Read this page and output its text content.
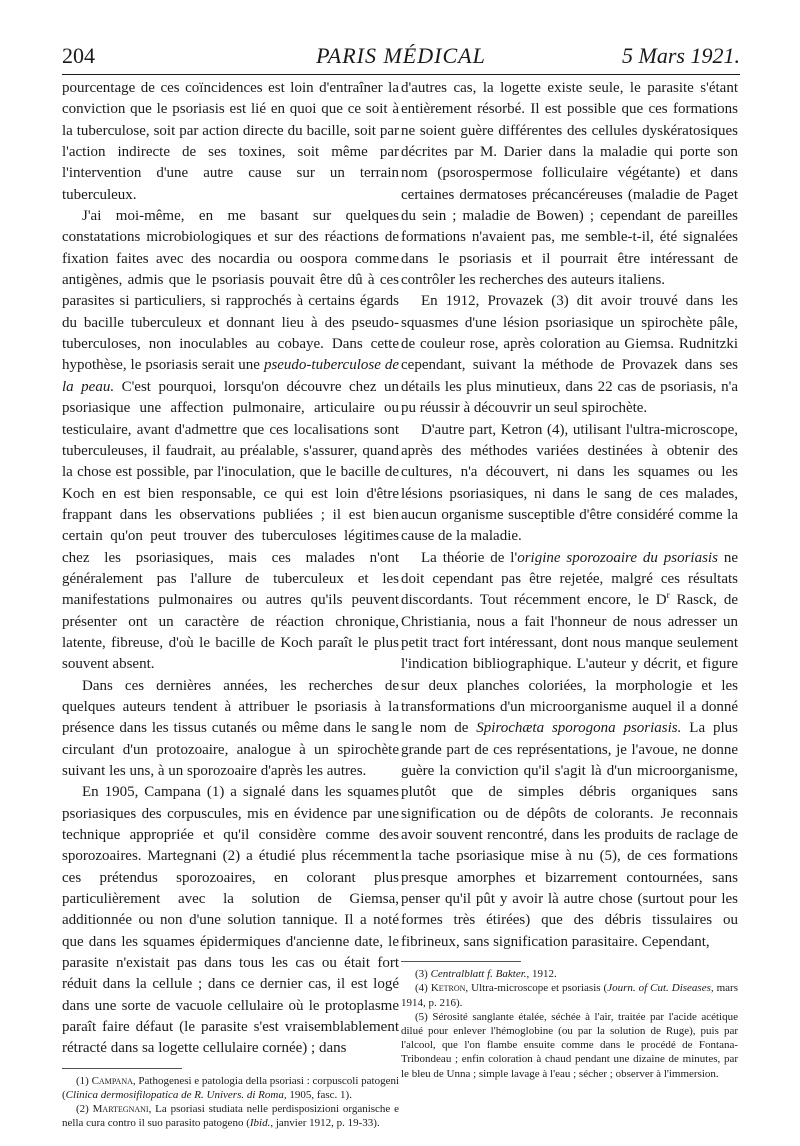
204	PARIS MÉDICAL	5 Mars 1921.

pourcentage de ces coïncidences est loin d'entraîner la conviction que le psoriasis est lié en quoi que ce soit à la tuberculose, soit par action directe du bacille, soit par l'action indirecte de ses toxines, soit même par l'intervention d'une autre cause sur un terrain tuberculeux.

J'ai moi-même, en me basant sur quelques constatations microbiologiques et sur des réactions de fixation faites avec des nocardia ou oospora comme antigènes, admis que le psoriasis pouvait être dû à ces parasites si particuliers, si rapprochés à certains égards du bacille tuberculeux et donnant lieu à des pseudo-tuberculoses, non inoculables au cobaye. Dans cette hypothèse, le psoriasis serait une pseudo-tuberculose de la peau. C'est pourquoi, lorsqu'on découvre chez un psoriasique une affection pulmonaire, articulaire ou testiculaire, avant d'admettre que ces localisations sont tuberculeuses, il faudrait, au préalable, s'assurer, quand la chose est possible, par l'inoculation, que le bacille de Koch en est bien responsable, ce qui est loin d'être frappant dans les observations publiées ; il est bien certain qu'on peut trouver des tuberculoses légitimes chez les psoriasiques, mais ces malades n'ont généralement pas l'allure de tuberculeux et les manifestations pulmonaires ou autres qu'ils peuvent présenter ont un caractère de réaction chronique, latente, fibreuse, d'où le bacille de Koch paraît le plus souvent absent.

Dans ces dernières années, les recherches de quelques auteurs tendent à attribuer le psoriasis à la présence dans les tissus cutanés ou même dans le sang circulant d'un protozoaire, analogue à un spirochète suivant les uns, à un sporozoaire d'après les autres.

En 1905, Campana (1) a signalé dans les squames psoriasiques des corpuscules, mis en évidence par une technique appropriée et qu'il considère comme des sporozoaires. Martegnani (2) a étudié plus récemment ces prétendus sporozoaires, en colorant plus particulièrement avec la solution de Giemsa, additionnée ou non d'une solution tannique. Il a noté que dans les squames épidermiques d'ancienne date, le parasite n'existait pas dans tous les cas ou était fort réduit dans la cellule ; dans ce dernier cas, il est logé dans une sorte de vacuole cellulaire où le protoplasme paraît faire défaut (le parasite s'est vraisemblablement rétracté dans sa logette cellulaire cornée) ; dans

(1) Campana, Pathogenesi e patologia della psoriasi : corpuscoli patogeni (Clinica dermosifilopatica de R. Univers. di Roma, 1905, fasc. 1).

(2) Martegnani, La psoriasi studiata nelle perdisposizioni organische e nella cura contro il suo parasito patogeno (Ibid., janvier 1912, p. 19-33).

d'autres cas, la logette existe seule, le parasite s'étant entièrement résorbé. Il est possible que ces formations ne soient guère différentes des cellules dyskératosiques décrites par M. Darier dans la maladie qui porte son nom (psorospermose folliculaire végétante) et dans certaines dermatoses précancéreuses (maladie de Paget du sein ; maladie de Bowen) ; cependant de pareilles formations n'avaient pas, me semble-t-il, été signalées dans le psoriasis et il pourrait être intéressant de contrôler les recherches des auteurs italiens.

En 1912, Provazek (3) dit avoir trouvé dans les squasmes d'une lésion psoriasique un spirochète pâle, de couleur rose, après coloration au Giemsa. Rudnitzki cependant, suivant la méthode de Provazek dans ses détails les plus minutieux, dans 22 cas de psoriasis, n'a pu réussir à découvrir un seul spirochète.

D'autre part, Ketron (4), utilisant l'ultra-microscope, après des méthodes variées destinées à obtenir des cultures, n'a découvert, ni dans les squames ou les lésions psoriasiques, ni dans le sang de ces malades, aucun organisme susceptible d'être considéré comme la cause de la maladie.

La théorie de l'origine sporozoaire du psoriasis ne doit cependant pas être rejetée, malgré ces résultats discordants. Tout récemment encore, le $D^r$ Rasck, de Christiania, nous a fait l'honneur de nous adresser un petit tract fort intéressant, dont nous manque seulement l'indication bibliographique. L'auteur y décrit, et figure sur deux planches coloriées, la morphologie et les transformations d'un microorganisme auquel il a donné le nom de Spirochæta sporogona psoriasis. La plus grande part de ces représentations, je l'avoue, ne donne guère la conviction qu'il s'agit là d'un microorganisme, plutôt que de simples débris organiques sans signification ou de dépôts de colorants. Je reconnais avoir souvent rencontré, dans les produits de raclage de la tache psoriasique mise à nu (5), de ces formations presque amorphes et bizarrement contournées, sans penser qu'il pût y avoir là autre chose (surtout pour les formes très étirées) que des débris tissulaires ou fibrineux, sans signification parasitaire. Cependant,

(3) Centralblatt f. Bakter., 1912.

(4) Ketron, Ultra-microscope et psoriasis (Journ. of Cut. Diseases, mars 1914, p. 216).

(5) Sérosité sanglante étalée, séchée à l'air, traitée par l'acide acétique dilué pour enlever l'hémoglobine (ou par la solution de Ruge), puis par l'alcool, que l'on flambe ensuite comme dans le procédé de Fontana-Tribondeau ; enfin coloration à chaud pendant une dizaine de minutes, par le bleu de Unna ; simple lavage à l'eau ; sécher ; observer à l'immersion.
